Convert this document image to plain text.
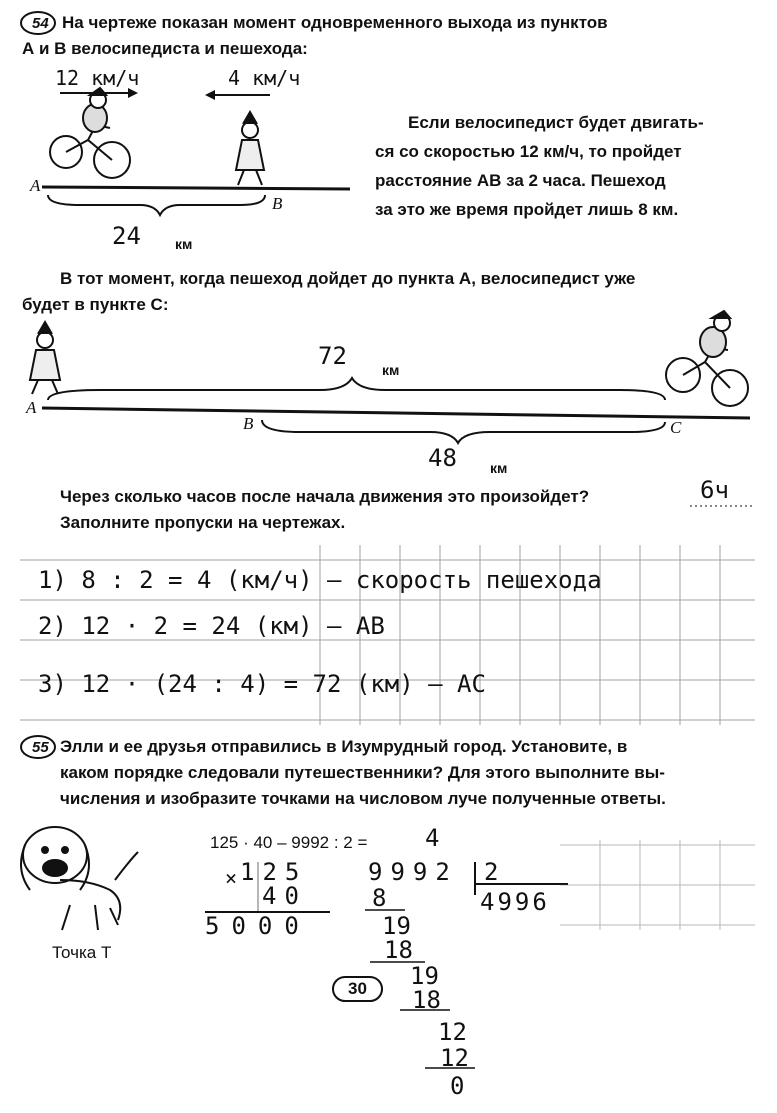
54 На чертеже показан момент одновременного выхода из пунктов
А и В велосипедиста и пешехода:
12 км/ч	4 км/ч
A
B
24 км
Если велосипедист будет двигать-
ся со скоростью 12 км/ч, то пройдет
расстояние АВ за 2 часа. Пешеход
за это же время пройдет лишь 8 км.
В тот момент, когда пешеход дойдет до пункта А, велосипедист уже
будет в пункте С:
72	км
A
B	C
48 км
Через сколько часов после начала движения это произойдет?	6ч
Заполните пропуски на чертежах.
1) 8 : 2 = 4 (км/ч) – скорость пешехода
2) 12 · 2 = 24 (км) – АВ
3) 12 · (24 : 4) = 72 (км) – АС
55 Элли и ее друзья отправились в Изумрудный город. Установите, в
каком порядке следовали путешественники? Для этого выполните вы-
числения и изобразите точками на числовом луче полученные ответы.
125 · 40 – 9992 : 2 = 4
Точка T
× 125
40
5000
9992 2
4996
8
19
18
19
18
12
12
0
30
